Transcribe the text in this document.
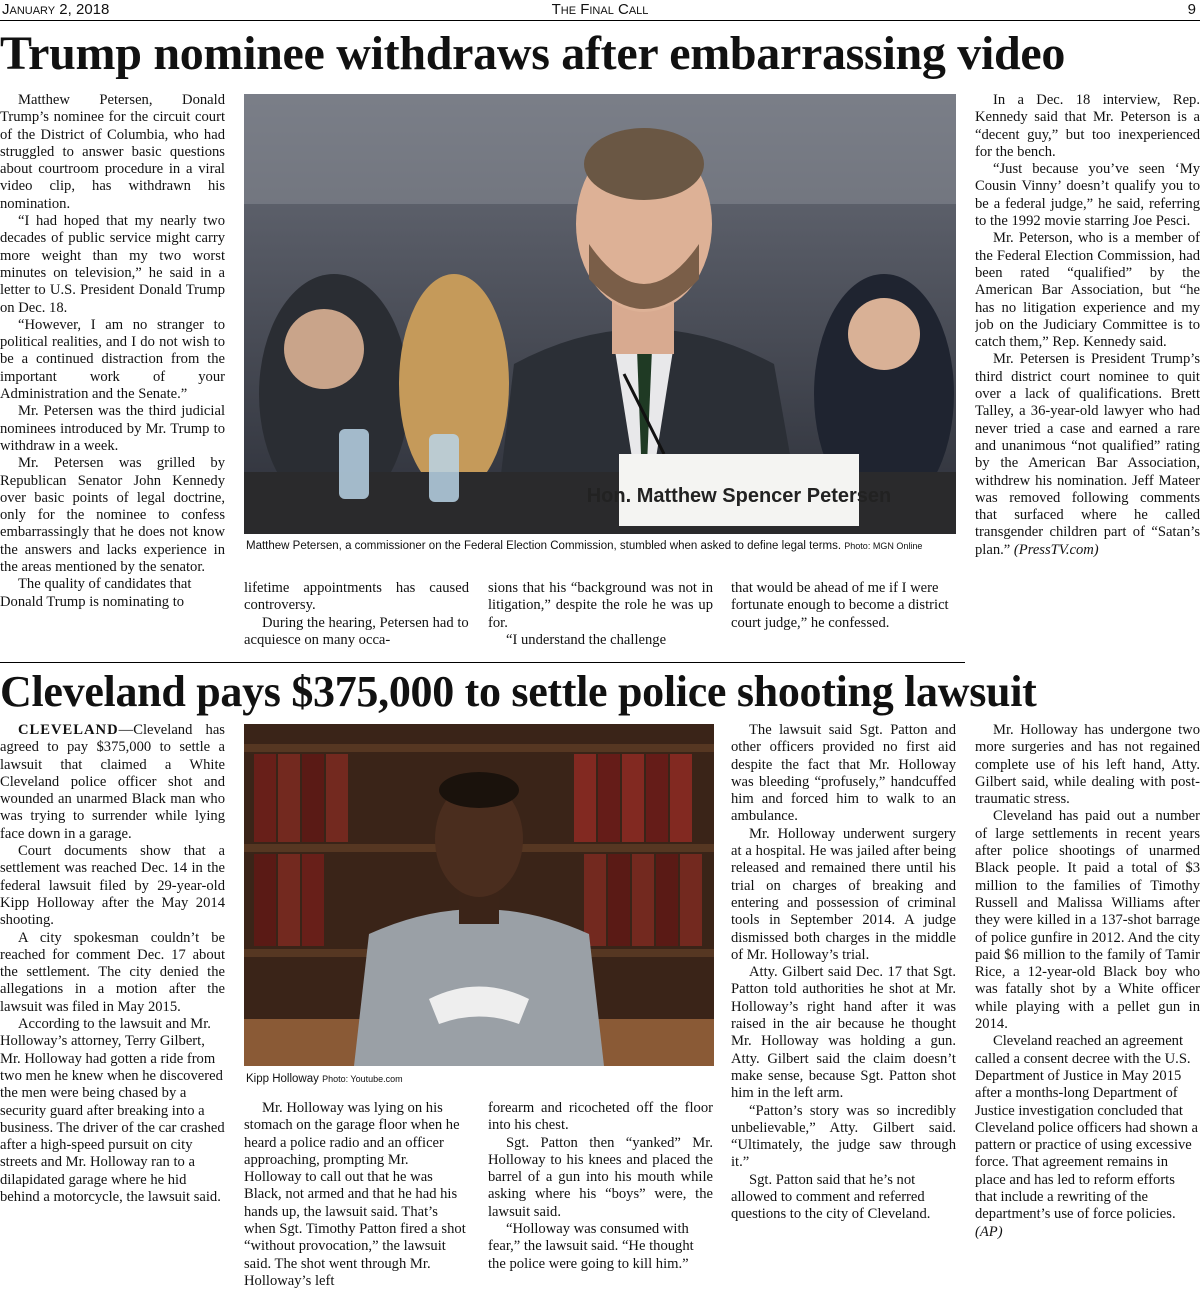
January 2, 2018	The Final Call	9
Trump nominee withdraws after embarrassing video

Matthew Petersen, Donald Trump’s nominee for the circuit court of the District of Columbia, who had struggled to answer basic questions about courtroom procedure in a viral video clip, has withdrawn his nomination.

“I had hoped that my nearly two decades of public service might carry more weight than my two worst minutes on television,” he said in a letter to U.S. President Donald Trump on Dec. 18.

“However, I am no stranger to political realities, and I do not wish to be a continued distraction from the important work of your Administration and the Senate.”

Mr. Petersen was the third judicial nominees introduced by Mr. Trump to withdraw in a week.

Mr. Petersen was grilled by Republican Senator John Kennedy over basic points of legal doctrine, only for the nominee to confess embarrassingly that he does not know the answers and lacks experience in the areas mentioned by the senator.

The quality of candidates that Donald Trump is nominating to

Hon. Matthew Spencer Petersen
Matthew Petersen, a commissioner on the Federal Election Commission, stumbled when asked to define legal terms. Photo: MGN Online

lifetime appointments has caused controversy.

During the hearing, Petersen had to acquiesce on many occa-

sions that his “background was not in litigation,” despite the role he was up for.

“I understand the challenge

that would be ahead of me if I were fortunate enough to become a district court judge,” he confessed.

In a Dec. 18 interview, Rep. Kennedy said that Mr. Peterson is a “decent guy,” but too inexperienced for the bench.

“Just because you’ve seen ‘My Cousin Vinny’ doesn’t qualify you to be a federal judge,” he said, referring to the 1992 movie starring Joe Pesci.

Mr. Peterson, who is a member of the Federal Election Commission, had been rated “qualified” by the American Bar Association, but “he has no litigation experience and my job on the Judiciary Committee is to catch them,” Rep. Kennedy said.

Mr. Petersen is President Trump’s third district court nominee to quit over a lack of qualifications. Brett Talley, a 36-year-old lawyer who had never tried a case and earned a rare and unanimous “not qualified” rating by the American Bar Association, withdrew his nomination. Jeff Mateer was removed following comments that surfaced where he called transgender children part of “Satan’s plan.” (PressTV.com)

Cleveland pays $375,000 to settle police shooting lawsuit

CLEVELAND—Cleveland has agreed to pay $375,000 to settle a lawsuit that claimed a White Cleveland police officer shot and wounded an unarmed Black man who was trying to surrender while lying face down in a garage.

Court documents show that a settlement was reached Dec. 14 in the federal lawsuit filed by 29-year-old Kipp Holloway after the May 2014 shooting.

A city spokesman couldn’t be reached for comment Dec. 17 about the settlement. The city denied the allegations in a motion after the lawsuit was filed in May 2015.

According to the lawsuit and Mr. Holloway’s attorney, Terry Gilbert, Mr. Holloway had gotten a ride from two men he knew when he discovered the men were being chased by a security guard after breaking into a business. The driver of the car crashed after a high-speed pursuit on city streets and Mr. Holloway ran to a dilapidated garage where he hid behind a motorcycle, the lawsuit said.

Kipp Holloway Photo: Youtube.com

Mr. Holloway was lying on his stomach on the garage floor when he heard a police radio and an officer approaching, prompting Mr. Holloway to call out that he was Black, not armed and that he had his hands up, the lawsuit said. That’s when Sgt. Timothy Patton fired a shot “without provocation,” the lawsuit said. The shot went through Mr. Holloway’s left

forearm and ricocheted off the floor into his chest.

Sgt. Patton then “yanked” Mr. Holloway to his knees and placed the barrel of a gun into his mouth while asking where his “boys” were, the lawsuit said.

“Holloway was consumed with fear,” the lawsuit said. “He thought the police were going to kill him.”

The lawsuit said Sgt. Patton and other officers provided no first aid despite the fact that Mr. Holloway was bleeding “profusely,” handcuffed him and forced him to walk to an ambulance.

Mr. Holloway underwent surgery at a hospital. He was jailed after being released and remained there until his trial on charges of breaking and entering and possession of criminal tools in September 2014. A judge dismissed both charges in the middle of Mr. Holloway’s trial.

Atty. Gilbert said Dec. 17 that Sgt. Patton told authorities he shot at Mr. Holloway’s right hand after it was raised in the air because he thought Mr. Holloway was holding a gun. Atty. Gilbert said the claim doesn’t make sense, because Sgt. Patton shot him in the left arm.

“Patton’s story was so incredibly unbelievable,” Atty. Gilbert said. “Ultimately, the judge saw through it.”

Sgt. Patton said that he’s not allowed to comment and referred questions to the city of Cleveland.

Mr. Holloway has undergone two more surgeries and has not regained complete use of his left hand, Atty. Gilbert said, while dealing with post-traumatic stress.

Cleveland has paid out a number of large settlements in recent years after police shootings of unarmed Black people. It paid a total of $3 million to the families of Timothy Russell and Malissa Williams after they were killed in a 137-shot barrage of police gunfire in 2012. And the city paid $6 million to the family of Tamir Rice, a 12-year-old Black boy who was fatally shot by a White officer while playing with a pellet gun in 2014.

Cleveland reached an agreement called a consent decree with the U.S. Department of Justice in May 2015 after a months-long Department of Justice investigation concluded that Cleveland police officers had shown a pattern or practice of using excessive force. That agreement remains in place and has led to reform efforts that include a rewriting of the department’s use of force policies. (AP)
